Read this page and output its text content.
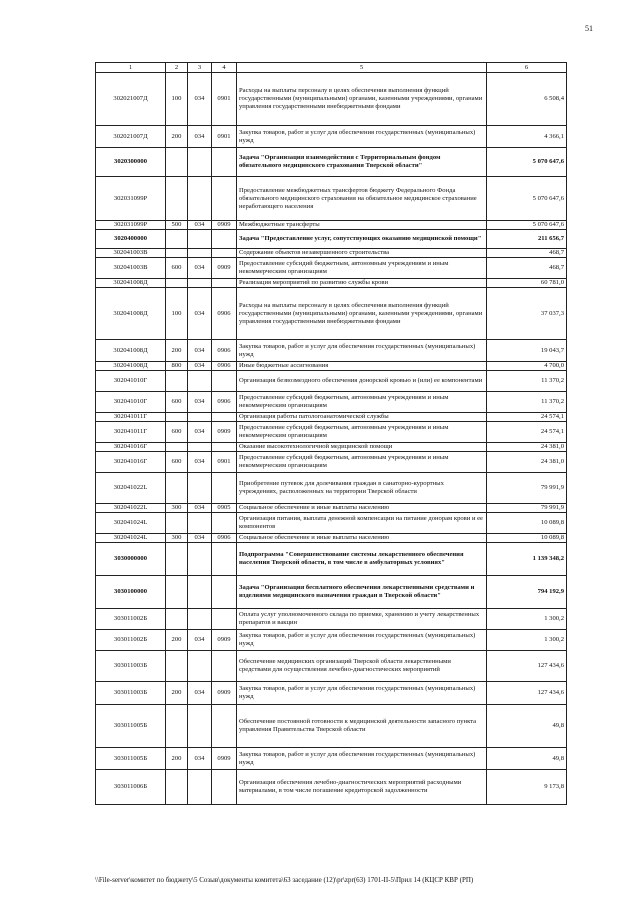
51
1	2	3	4	5	6
302021007Д	100	034	0901	Расходы на выплаты персоналу в целях обеспечения выполнения функций государственными (муниципальными) органами, казенными учреждениями, органами управления государственными внебюджетными фондами	6 508,4
302021007Д	200	034	0901	Закупка товаров, работ и услуг для обеспечения государственных (муниципальных) нужд	4 366,1
3020300000				Задача "Организация взаимодействия с Территориальным фондом обязательного медицинского страхования Тверской области"	5 070 647,6
302031099Р				Предоставление межбюджетных трансфертов бюджету Федерального Фонда обязательного медицинского страхования на обязательное медицинское страхование неработающего населения	5 070 647,6
302031099Р	500	034	0909	Межбюджетные трансферты	5 070 647,6
3020400000				Задача "Предоставление услуг, сопутствующих оказанию медицинской помощи"	211 656,7
302041003В				Содержание объектов незавершенного строительства	468,7
302041003В	600	034	0909	Предоставление субсидий бюджетным, автономным учреждениям и иным некоммерческим организациям	468,7
302041008Д				Реализация мероприятий по развитию службы крови	60 781,0
302041008Д	100	034	0906	Расходы на выплаты персоналу в целях обеспечения выполнения функций государственными (муниципальными) органами, казенными учреждениями, органами управления государственными внебюджетными фондами	37 037,3
302041008Д	200	034	0906	Закупка товаров, работ и услуг для обеспечения государственных (муниципальных) нужд	19 043,7
302041008Д	800	034	0906	Иные бюджетные ассигнования	4 700,0
302041010Г				Организация безвозмездного обеспечения донорской кровью и (или) ее компонентами	11 370,2
302041010Г	600	034	0906	Предоставление субсидий бюджетным, автономным учреждениям и иным некоммерческим организациям	11 370,2
302041011Г				Организация работы патологоанатомической службы	24 574,1
302041011Г	600	034	0909	Предоставление субсидий бюджетным, автономным учреждениям и иным некоммерческим организациям	24 574,1
302041016Г				Оказание высокотехнологичной медицинской помощи	24 381,0
302041016Г	600	034	0901	Предоставление субсидий бюджетным, автономным учреждениям и иным некоммерческим организациям	24 381,0
302041022L				Приобретение путевок для долечивания граждан в санаторно-курортных учреждениях, расположенных на территории Тверской области	79 991,9
302041022L	300	034	0905	Социальное обеспечение и иные выплаты населению	79 991,9
302041024L				Организация питания, выплата денежной компенсации на питание донорам крови и ее компонентов	10 089,8
302041024L	300	034	0906	Социальное обеспечение и иные выплаты населению	10 089,8
3030000000				Подпрограмма "Совершенствование системы лекарственного обеспечения населения Тверской области, в том числе в амбулаторных условиях"	1 139 348,2
3030100000				Задача "Организация бесплатного обеспечения лекарственными средствами и изделиями медицинского назначения граждан в Тверской области"	794 192,9
303011002Б				Оплата услуг уполномоченного склада по приемке, хранению и учету лекарственных препаратов и вакцин	1 300,2
303011002Б	200	034	0909	Закупка товаров, работ и услуг для обеспечения государственных (муниципальных) нужд	1 300,2
303011003Б				Обеспечение медицинских организаций Тверской области лекарственными средствами для осуществления лечебно-диагностических мероприятий	127 434,6
303011003Б	200	034	0909	Закупка товаров, работ и услуг для обеспечения государственных (муниципальных) нужд	127 434,6
303011005Б				Обеспечение постоянной готовности к медицинской деятельности запасного пункта управления Правительства Тверской области	49,8
303011005Б	200	034	0909	Закупка товаров, работ и услуг для обеспечения государственных (муниципальных) нужд	49,8
303011006Б				Организация обеспечения лечебно-диагностических мероприятий расходными материалами, в том числе погашение кредиторской задолженности	9 173,8
\\File-server\комитет по бюджету\5 Созыв\документы комитета\63 заседание (12)\pr\zpr(63) 1701-II-5\Прил 14 (КЦСР КВР (РП)
